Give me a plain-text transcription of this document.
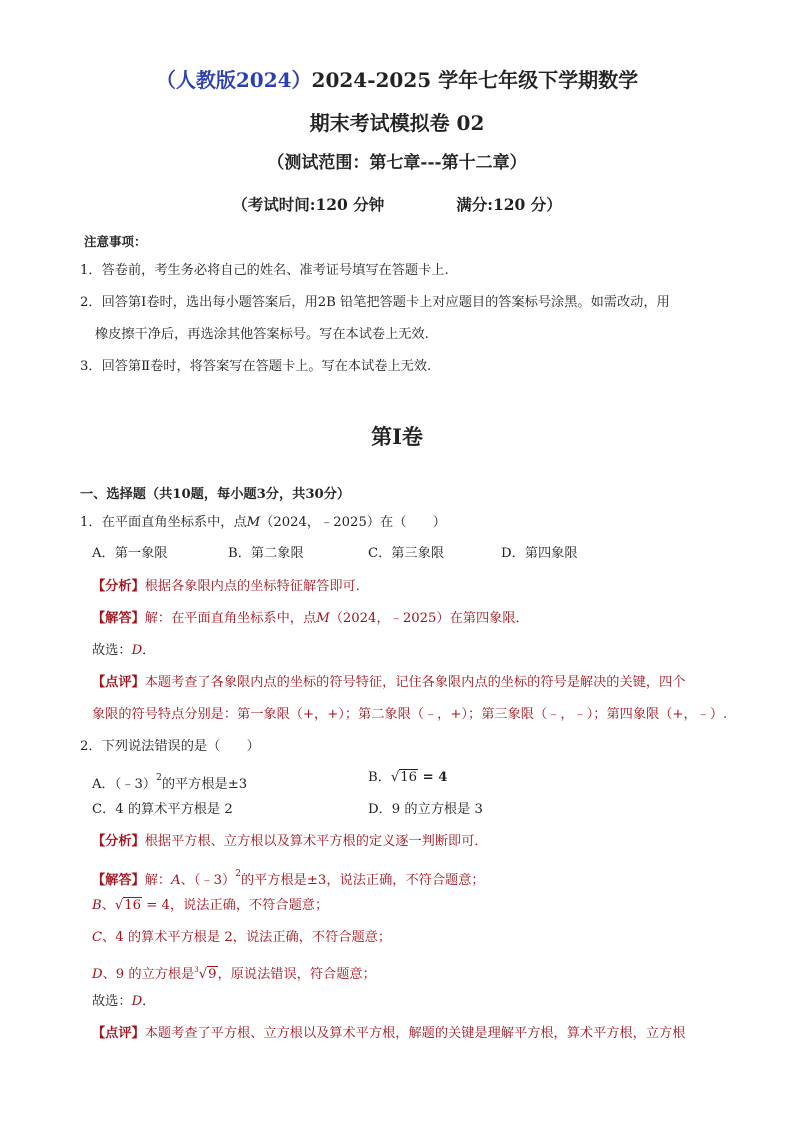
（人教版2024）2024-2025 学年七年级下学期数学
期末考试模拟卷 02
（测试范围：第七章---第十二章）
（考试时间:120 分钟	满分:120 分）
注意事项：
1．答卷前，考生务必将自己的姓名、准考证号填写在答题卡上.
2．回答第Ⅰ卷时，选出每小题答案后，用2B 铅笔把答题卡上对应题目的答案标号涂黑。如需改动，用
橡皮擦干净后，再选涂其他答案标号。写在本试卷上无效.
3．回答第Ⅱ卷时，将答案写在答题卡上。写在本试卷上无效.
第Ⅰ卷
一、选择题（共10题，每小题3分，共30分）
1．在平面直角坐标系中，点M（2024，﹣2025）在（　　）
A．第一象限	B．第二象限	C．第三象限	D．第四象限
【分析】根据各象限内点的坐标特征解答即可．
【解答】解：在平面直角坐标系中，点M（2024，﹣2025）在第四象限．
故选：D．
【点评】本题考查了各象限内点的坐标的符号特征，记住各象限内点的坐标的符号是解决的关键，四个
象限的符号特点分别是：第一象限（+，+）；第二象限（﹣，+）；第三象限（﹣，﹣）；第四象限（+，﹣）.
2．下列说法错误的是（　　）
A．（﹣3）$^2$的平方根是±3	B．√16 = 4
C．4 的算术平方根是 2	D．9 的立方根是 3
【分析】根据平方根、立方根以及算术平方根的定义逐一判断即可．
【解答】解：A、（﹣3）$^2$的平方根是±3，说法正确，不符合题意；
B、√16 = 4，说法正确，不符合题意；
C、4 的算术平方根是 2，说法正确，不符合题意；
D、9 的立方根是$^3$√9，原说法错误，符合题意；
故选：D．
【点评】本题考查了平方根、立方根以及算术平方根，解题的关键是理解平方根，算术平方根，立方根
